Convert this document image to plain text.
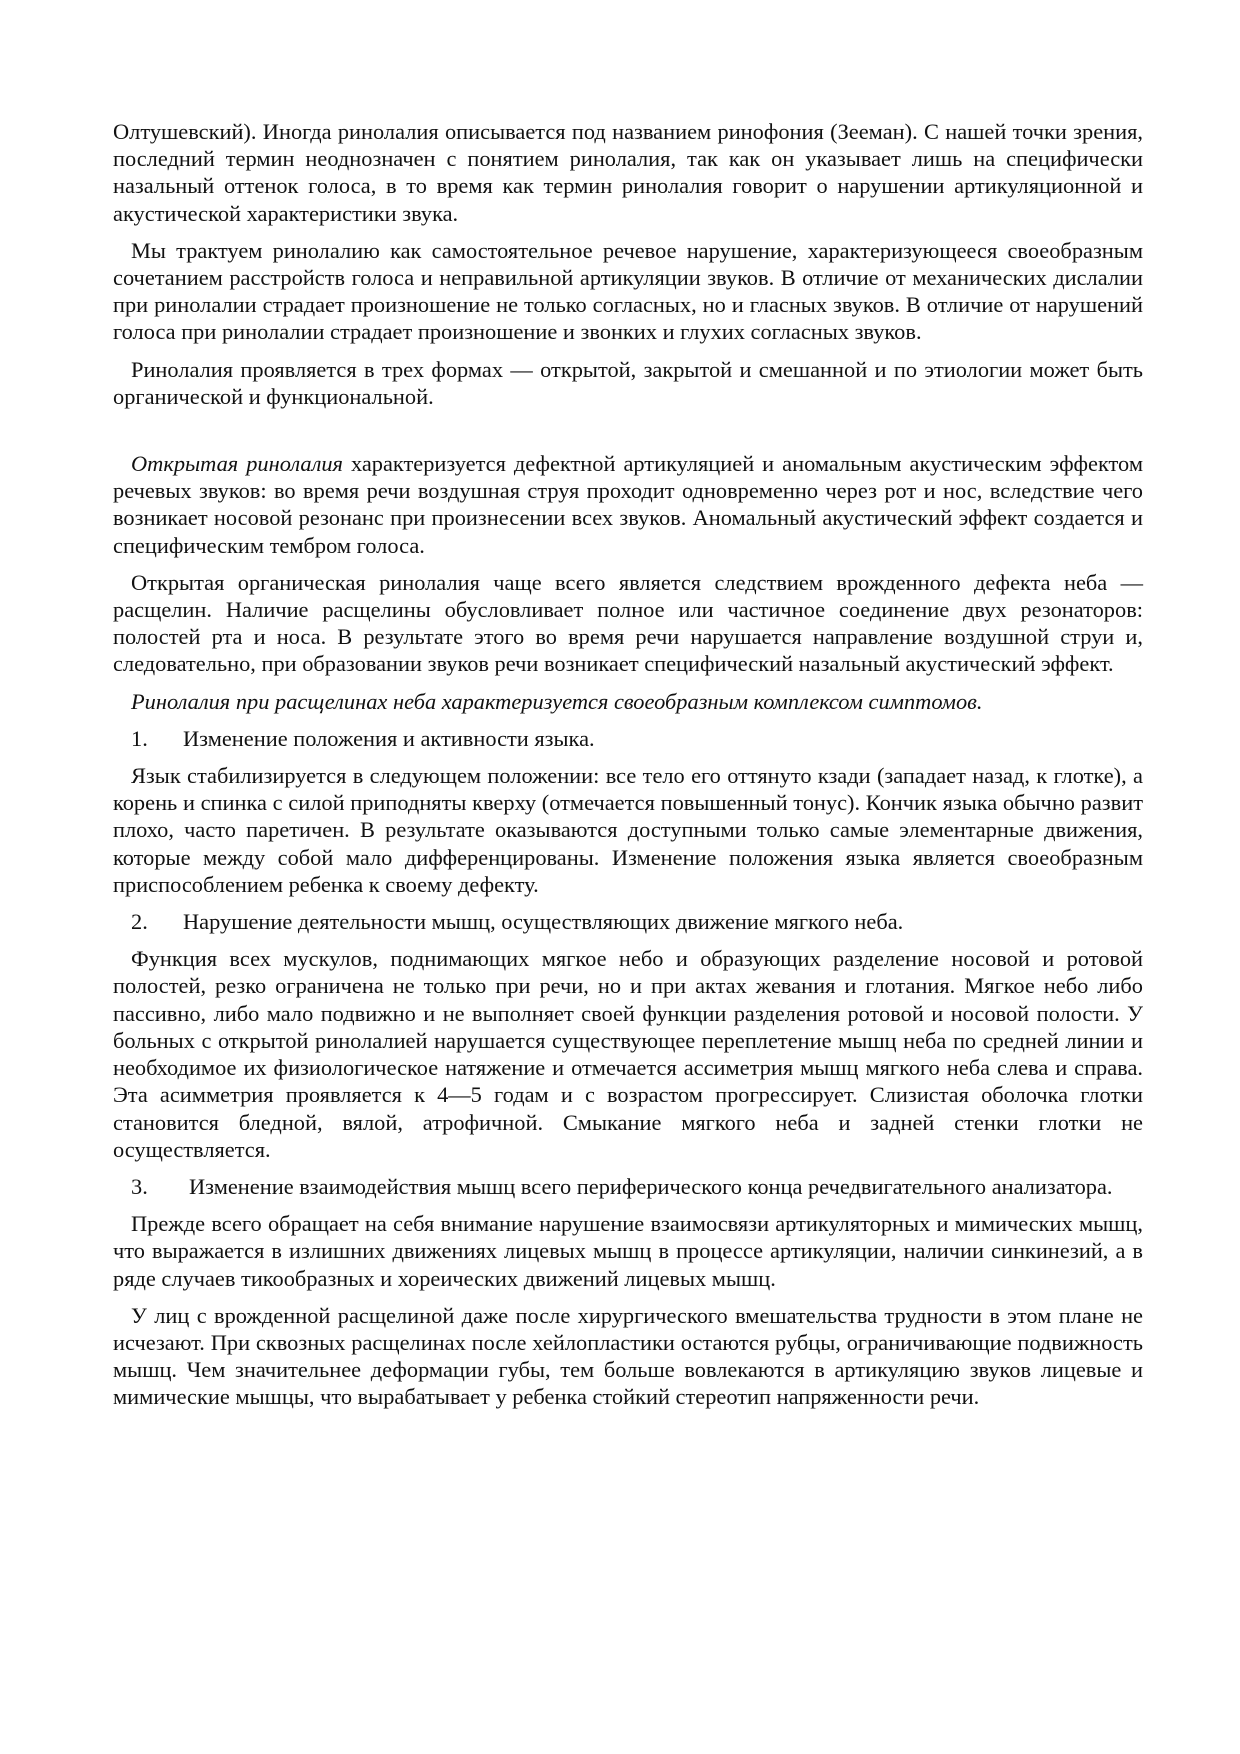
Олтушевский). Иногда ринолалия описывается под названием ринофония (Зееман). С нашей точки зрения, последний термин неоднозначен с понятием ринолалия, так как он указывает лишь на специфически назальный оттенок голоса, в то время как термин ринолалия говорит о нарушении артикуляционной и акустической характеристики звука.

Мы трактуем ринолалию как самостоятельное речевое нарушение, характеризующееся своеобразным сочетанием расстройств голоса и неправильной артикуляции звуков. В отличие от механических дислалии при ринолалии страдает произношение не только согласных, но и гласных звуков. В отличие от нарушений голоса при ринолалии страдает произношение и звонких и глухих согласных звуков.

Ринолалия проявляется в трех формах — открытой, закрытой и смешанной и по этиологии может быть органической и функциональной.

Открытая ринолалия характеризуется дефектной артикуляцией и аномальным акустическим эффектом речевых звуков: во время речи воздушная струя проходит одновременно через рот и нос, вследствие чего возникает носовой резонанс при произнесении всех звуков. Аномальный акустический эффект создается и специфическим тембром голоса.

Открытая органическая ринолалия чаще всего является следствием врожденного дефекта неба — расщелин. Наличие расщелины обусловливает полное или частичное соединение двух резонаторов: полостей рта и носа. В результате этого во время речи нарушается направление воздушной струи и, следовательно, при образовании звуков речи возникает специфический назальный акустический эффект.

Ринолалия при расщелинах неба характеризуется своеобразным комплексом симптомов.

1.	Изменение положения и активности языка.

Язык стабилизируется в следующем положении: все тело его оттянуто кзади (западает назад, к глотке), а корень и спинка с силой приподняты кверху (отмечается повышенный тонус). Кончик языка обычно развит плохо, часто паретичен. В результате оказываются доступными только самые элементарные движения, которые между собой мало дифференцированы. Изменение положения языка является своеобразным приспособлением ребенка к своему дефекту.

2.	Нарушение деятельности мышц, осуществляющих движение мягкого неба.

Функция всех мускулов, поднимающих мягкое небо и образующих разделение носовой и ротовой полостей, резко ограничена не только при речи, но и при актах жевания и глотания. Мягкое небо либо пассивно, либо мало подвижно и не выполняет своей функции разделения ротовой и носовой полости. У больных с открытой ринолалией нарушается существующее переплетение мышц неба по средней линии и необходимое их физиологическое натяжение и отмечается ассиметрия мышц мягкого неба слева и справа. Эта асимметрия проявляется к 4—5 годам и с возрастом прогрессирует. Слизистая оболочка глотки становится бледной, вялой, атрофичной. Смыкание мягкого неба и задней стенки глотки не осуществляется.

3. Изменение взаимодействия мышц всего периферического конца речедвигательного анализатора.

Прежде всего обращает на себя внимание нарушение взаимосвязи артикуляторных и мимических мышц, что выражается в излишних движениях лицевых мышц в процессе артикуляции, наличии синкинезий, а в ряде случаев тикообразных и хореических движений лицевых мышц.

У лиц с врожденной расщелиной даже после хирургического вмешательства трудности в этом плане не исчезают. При сквозных расщелинах после хейлопластики остаются рубцы, ограничивающие подвижность мышц. Чем значительнее деформации губы, тем больше вовлекаются в артикуляцию звуков лицевые и мимические мышцы, что вырабатывает у ребенка стойкий стереотип напряженности речи.
